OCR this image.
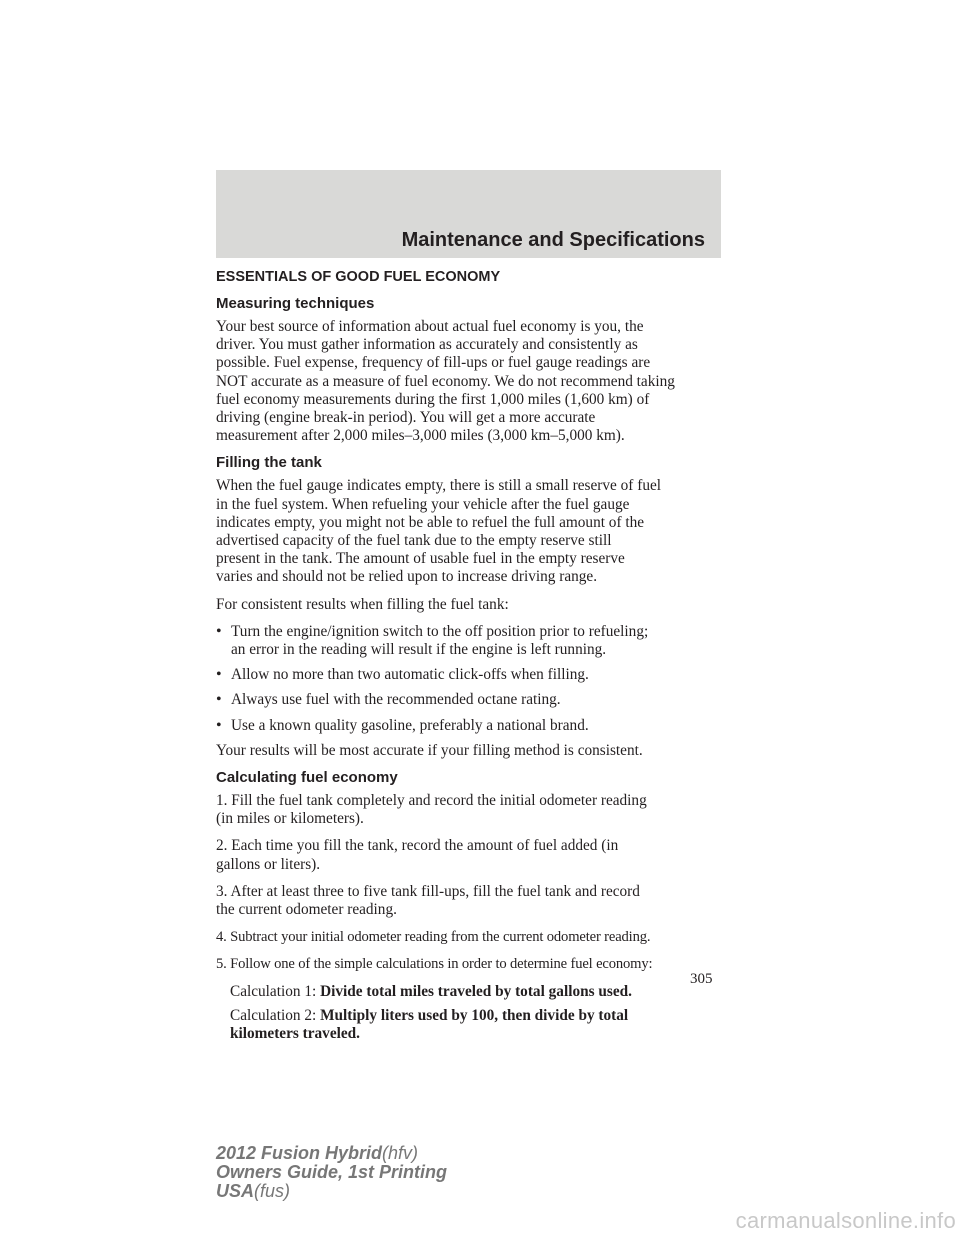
Maintenance and Specifications
ESSENTIALS OF GOOD FUEL ECONOMY
Measuring techniques

Your best source of information about actual fuel economy is you, the

driver. You must gather information as accurately and consistently as

possible. Fuel expense, frequency of fill-ups or fuel gauge readings are

NOT accurate as a measure of fuel economy. We do not recommend taking

fuel economy measurements during the first 1,000 miles (1,600 km) of

driving (engine break-in period). You will get a more accurate

measurement after 2,000 miles–3,000 miles (3,000 km–5,000 km).

Filling the tank

When the fuel gauge indicates empty, there is still a small reserve of fuel

in the fuel system. When refueling your vehicle after the fuel gauge

indicates empty, you might not be able to refuel the full amount of the

advertised capacity of the fuel tank due to the empty reserve still

present in the tank. The amount of usable fuel in the empty reserve

varies and should not be relied upon to increase driving range.

For consistent results when filling the fuel tank:

• Turn the engine/ignition switch to the off position prior to refueling;

an error in the reading will result if the engine is left running.

• Allow no more than two automatic click-offs when filling.

• Always use fuel with the recommended octane rating.

• Use a known quality gasoline, preferably a national brand.

Your results will be most accurate if your filling method is consistent.

Calculating fuel economy

1. Fill the fuel tank completely and record the initial odometer reading

(in miles or kilometers).

2. Each time you fill the tank, record the amount of fuel added (in

gallons or liters).

3. After at least three to five tank fill-ups, fill the fuel tank and record

the current odometer reading.

4. Subtract your initial odometer reading from the current odometer reading.

5. Follow one of the simple calculations in order to determine fuel economy:

Calculation 1: Divide total miles traveled by total gallons used.

Calculation 2: Multiply liters used by 100, then divide by total

kilometers traveled.

305
2012 Fusion Hybrid(hfv)
Owners Guide, 1st Printing
USA(fus)
carmanualsonline.info
